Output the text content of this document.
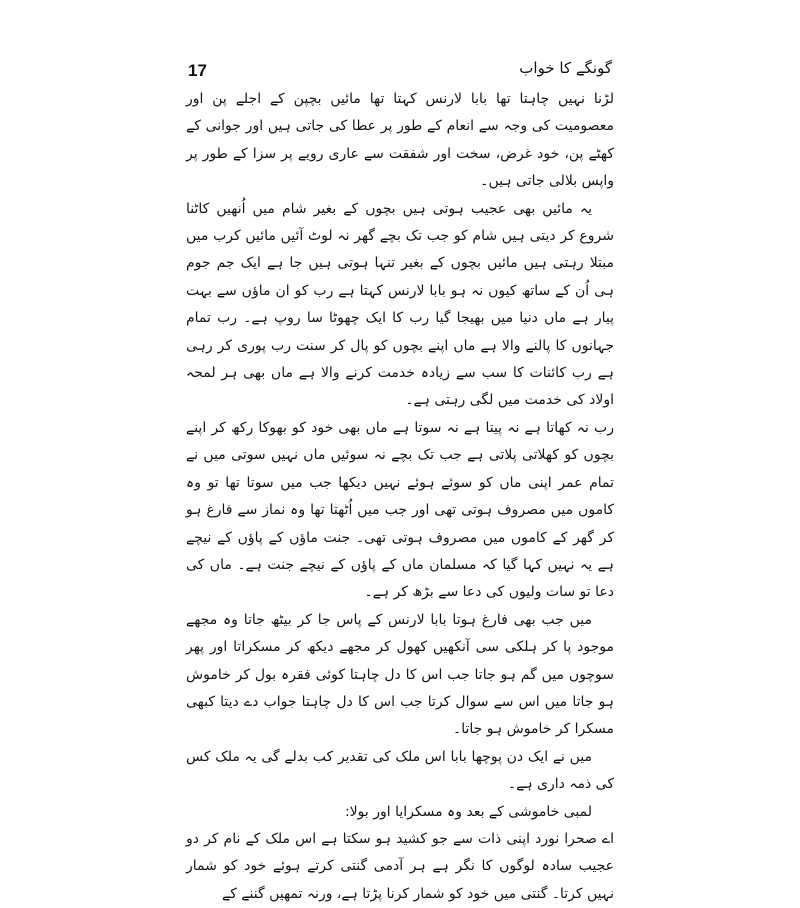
17	گونگے کا خواب

لڑنا نہیں چاہتا تھا بابا لارنس کہتا تھا مائیں بچپن کے اجلے پن اور معصومیت کی وجہ سے انعام کے طور پر عطا کی جاتی ہیں اور جوانی کے کھٹے پن، خود غرض، سخت اور شفقت سے عاری رویے پر سزا کے طور پر واپس بلالی جاتی ہیں۔

یہ مائیں بھی عجیب ہوتی ہیں بچوں کے بغیر شام میں اُنھیں کاٹنا شروع کر دیتی ہیں شام کو جب تک بچے گھر نہ لوٹ آئیں مائیں کرب میں مبتلا رہتی ہیں مائیں بچوں کے بغیر تنہا ہوتی ہیں جا ہے ایک جم جوم ہی اُن کے ساتھ کیوں نہ ہو بابا لارنس کہتا ہے رب کو ان ماؤں سے بہت پیار ہے ماں دنیا میں بھیجا گیا رب کا ایک چھوٹا سا روپ ہے۔ رب تمام جہانوں کا پالنے والا ہے ماں اپنے بچوں کو پال کر سنت رب پوری کر رہی ہے رب کائنات کا سب سے زیادہ خدمت کرنے والا ہے ماں بھی ہر لمحہ اولاد کی خدمت میں لگی رہتی ہے۔

رب نہ کھاتا ہے نہ پیتا ہے نہ سوتا ہے ماں بھی خود کو بھوکا رکھ کر اپنے بچوں کو کھلاتی پلاتی ہے جب تک بچے نہ سوئیں ماں نہیں سوتی میں نے تمام عمر اپنی ماں کو سوئے ہوئے نہیں دیکھا جب میں سوتا تھا تو وہ کاموں میں مصروف ہوتی تھی اور جب میں اُٹھتا تھا وہ نماز سے فارغ ہو کر گھر کے کاموں میں مصروف ہوتی تھی۔ جنت ماؤں کے پاؤں کے نیچے ہے یہ نہیں کہا گیا کہ مسلمان ماں کے پاؤں کے نیچے جنت ہے۔ ماں کی دعا تو سات ولیوں کی دعا سے بڑھ کر ہے۔

میں جب بھی فارغ ہوتا بابا لارنس کے پاس جا کر بیٹھ جاتا وہ مجھے موجود پا کر ہلکی سی آنکھیں کھول کر مجھے دیکھ کر مسکراتا اور پھر سوچوں میں گم ہو جاتا جب اس کا دل چاہتا کوئی فقرہ بول کر خاموش ہو جاتا میں اس سے سوال کرتا جب اس کا دل چاہتا جواب دے دیتا کبھی مسکرا کر خاموش ہو جاتا۔

میں نے ایک دن پوچھا بابا اس ملک کی تقدیر کب بدلے گی یہ ملک کس کی ذمہ داری ہے۔

لمبی خاموشی کے بعد وہ مسکرایا اور بولا:

اے صحرا نورد اپنی ذات سے جو کشید ہو سکتا ہے اس ملک کے نام کر دو عجیب سادہ لوگوں کا نگر ہے ہر آدمی گنتی کرتے ہوئے خود کو شمار نہیں کرتا۔ گنتی میں خود کو شمار کرنا پڑتا ہے، ورنہ تمھیں گننے کے
